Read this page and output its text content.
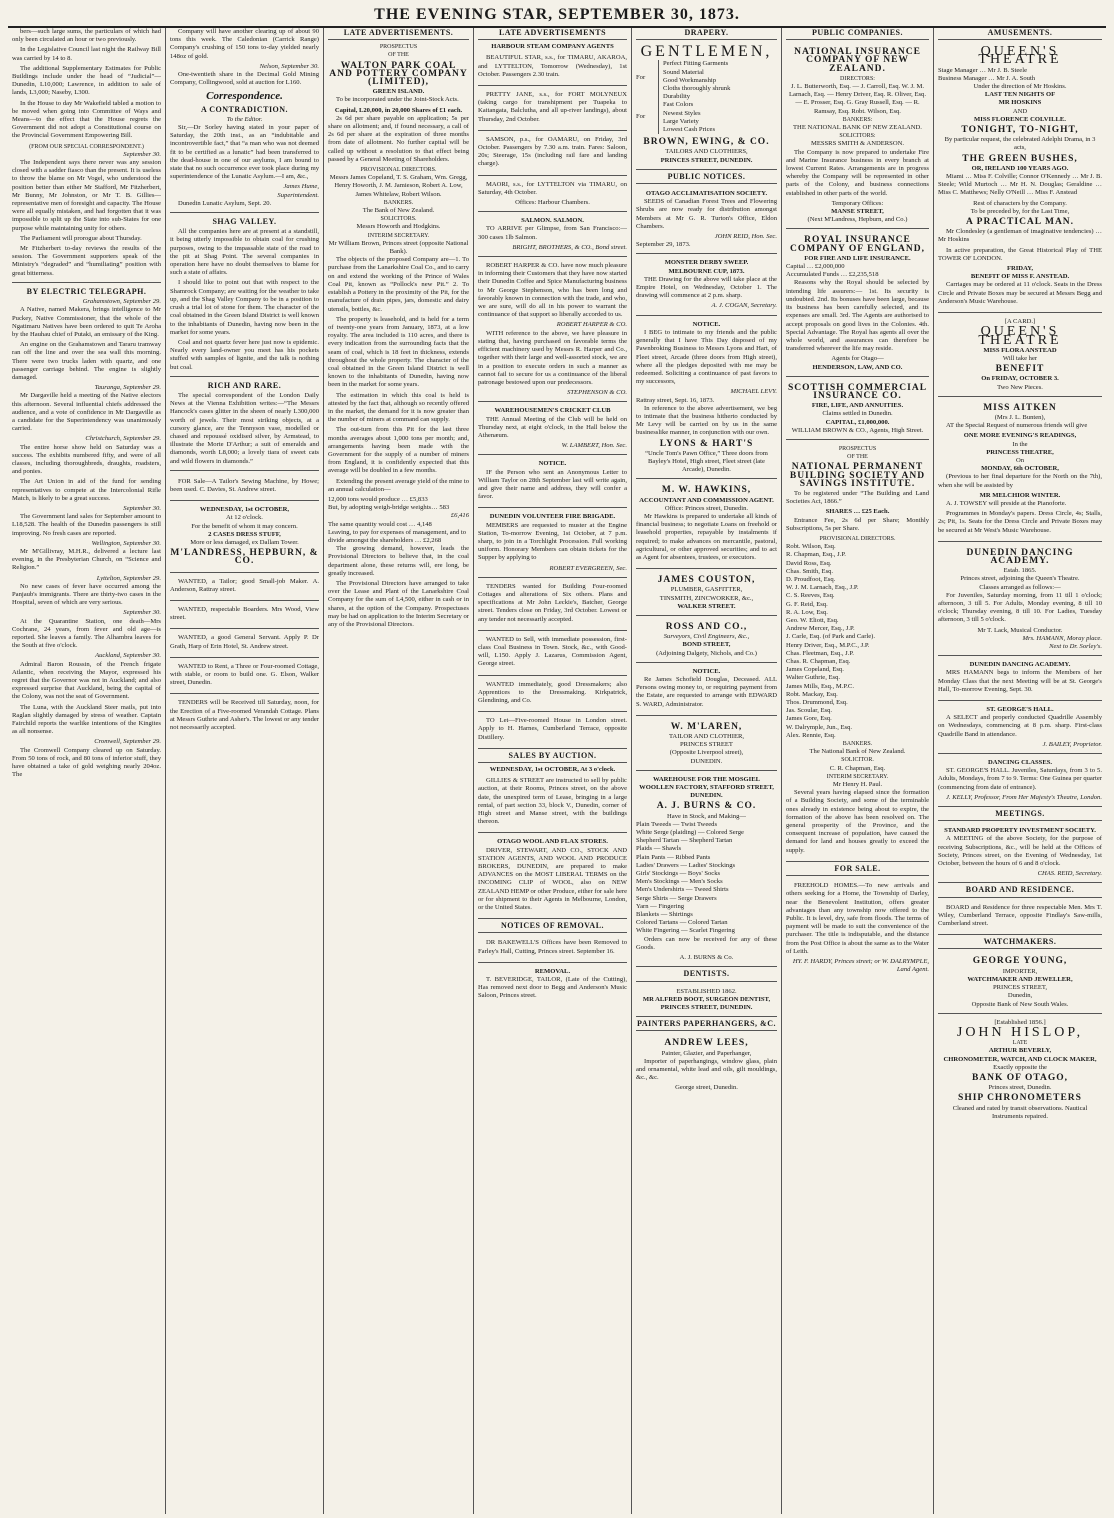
THE EVENING STAR, SEPTEMBER 30, 1873.

bers—such large sums, the particulars of which had only been circulated an hour or two previously.

In the Legislative Council last night the Railway Bill was carried by 14 to 8.

The additional Supplementary Estimates for Public Buildings include under the head of “Judicial”—Dunedin, L10,000; Lawrence, in addition to sale of lands, L3,000; Naseby, L300.

In the House to day Mr Wakefield tabled a motion to be moved when going into Committee of Ways and Means—to the effect that the House regrets the Government did not adopt a Constitutional course on the Provincial Government Empowering Bill.

(FROM OUR SPECIAL CORRESPONDENT.)
September 30.

The Independent says there never was any session closed with a sadder fiasco than the present. It is useless to throw the blame on Mr Vogel, who understood the position better than either Mr Stafford, Mr Fitzherbert, Mr Bunny, Mr Johnston, or Mr T. B. Gillies—representative men of foresight and capacity. The House were all equally mistaken, and had forgotten that it was impossible to split up the State into sub-States for one purpose while maintaining unity for others.

The Parliament will prorogue about Thursday.

Mr Fitzherbert to-day reviews the results of the session. The Government supporters speak of the Ministry's “degraded” and “humiliating” position with great bitterness.

BY ELECTRIC TELEGRAPH.
Grahamstown, September 29.

A Native, named Makera, brings intelligence to Mr Puckey, Native Commissioner, that the whole of the Ngatimaru Natives have been ordered to quit Te Aroha by the Hauhau chief of Putaki, an emissary of the King.

An engine on the Grahamstown and Tararu tramway ran off the line and over the sea wall this morning. There were two trucks laden with quartz, and one passenger carriage behind. The engine is slightly damaged.

Tauranga, September 29.

Mr Dargaville held a meeting of the Native electors this afternoon. Several influential chiefs addressed the audience, and a vote of confidence in Mr Dargaville as a candidate for the Superintendency was unanimously carried.

Christchurch, September 29.

The entire horse show held on Saturday was a success. The exhibits numbered fifty, and were of all classes, including thoroughbreds, draughts, roadsters, and ponies.

The Art Union in aid of the fund for sending representatives to compete at the Intercolonial Rifle Match, is likely to be a great success.

September 30.

The Government land sales for September amount to L18,528. The health of the Dunedin passengers is still improving. No fresh cases are reported.

Wellington, September 30.

Mr M'Gillivray, M.H.R., delivered a lecture last evening, in the Presbyterian Church, on “Science and Religion.”

Lyttelton, September 29.

No new cases of fever have occurred among the Panjaub's immigrants. There are thirty-two cases in the Hospital, seven of which are very serious.

September 30.

At the Quarantine Station, one death—Mrs Cochrane, 24 years, from fever and old age—is reported. She leaves a family. The Alhambra leaves for the South at five o'clock.

Auckland, September 30.

Admiral Baron Roussin, of the French frigate Atlantic, when receiving the Mayor, expressed his regret that the Governor was not in Auckland; and also expressed surprise that Auckland, being the capital of the Colony, was not the seat of Government.

The Luna, with the Auckland Steer mails, put into Raglan slightly damaged by stress of weather. Captain Fairchild reports the warlike intentions of the Kingites as all nonsense.

Cromwell, September 29.

The Cromwell Company cleared up on Saturday. From 50 tons of rock, and 80 tons of inferior stuff, they have obtained a take of gold weighing nearly 204oz. The

Company will have another clearing up of about 90 tons this week. The Caledonian (Carrick Range) Company's crushing of 150 tons to-day yielded nearly 148oz of gold.

Nelson, September 30.

One-twentieth share in the Decimal Gold Mining Company, Collingwood, sold at auction for L160.

Correspondence.
A CONTRADICTION.
To the Editor.

Sir,—Dr Sorley having stated in your paper of Saturday, the 20th inst., as an “indubitable and incontrovertible fact,” that “a man who was not deemed fit to be certified as a lunatic” had been transferred to the dead-house in one of our asylums, I am bound to state that no such occurrence ever took place during my superintendence of the Lunatic Asylum.—I am, &c.,

James Hume,
Superintendent.

Dunedin Lunatic Asylum, Sept. 20.

SHAG VALLEY.

All the companies here are at present at a standstill, it being utterly impossible to obtain coal for crushing purposes, owing to the impassable state of the road to the pit at Shag Point. The several companies in operation here have no doubt themselves to blame for such a state of affairs.

I should like to point out that with respect to the Shamrock Company; are waiting for the weather to take up, and the Shag Valley Company to be in a position to crush a trial lot of stone for them. The character of the coal obtained in the Green Island District is well known to the inhabitants of Dunedin, having now been in the market for some years.

Coal and not quartz fever here just now is epidemic. Nearly every land-owner you meet has his pockets stuffed with samples of lignite, and the talk is nothing but coal.

RICH AND RARE.

The special correspondent of the London Daily News at the Vienna Exhibition writes:—“The Messrs Hancock's cases glitter in the sheen of nearly L300,000 worth of jewels. Their most striking objects, at a cursory glance, are the Tennyson vase, modelled or chased and repoussé oxidised silver, by Armstead, to illustrate the Morte D'Arthur; a suit of emeralds and diamonds, worth L8,000; a lovely tiara of sweet cats and wild flowers in diamonds.”

FOR Sale—A Tailor's Sewing Machine, by Howe; been used. C. Davies, St. Andrew street.

WEDNESDAY, 1st OCTOBER,
At 12 o'clock.
For the benefit of whom it may concern.
2 CASES DRESS STUFF,
More or less damaged, ex Dallam Tower.
M'LANDRESS, HEPBURN, & CO.

WANTED, a Tailor; good Small-job Maker. A. Anderson, Rattray street.

WANTED, respectable Boarders. Mrs Wood, View street.

WANTED, a good General Servant. Apply P. Dr Grath, Harp of Erin Hotel, St. Andrew street.

WANTED to Rent, a Three or Four-roomed Cottage, with stable, or room to build one. G. Elson, Walker street, Dunedin.

TENDERS will be Received till Saturday, noon, for the Erection of a Five-roomed Verandah Cottage. Plans at Messrs Guthrie and Asher's. The lowest or any tender not necessarily accepted.

LATE ADVERTISEMENTS.
PROSPECTUS
OF THE
WALTON PARK COAL AND POTTERY COMPANY (LIMITED),
GREEN ISLAND.

To be incorporated under the Joint-Stock Acts.

Capital, L20,000, in 20,000 Shares of £1 each.

2s 6d per share payable on application; 5s per share on allotment; and, if found necessary, a call of 2s 6d per share at the expiration of three months from date of allotment. No further capital will be called up without a resolution to that effect being passed by a General Meeting of Shareholders.

PROVISIONAL DIRECTORS.
Messrs James Copeland, T. S. Graham, Wm. Gregg, Henry Howorth, J. M. Jamieson, Robert A. Low, James Whitelaw, Robert Wilson.
BANKERS.
The Bank of New Zealand.
SOLICITORS.
Messrs Howorth and Hodgkins.
INTERIM SECRETARY.
Mr William Brown, Princes street (opposite National Bank).

The objects of the proposed Company are—1. To purchase from the Lanarkshire Coal Co., and to carry on and extend the working of the Prince of Wales Coal Pit, known as “Pollock's new Pit.” 2. To establish a Pottery in the proximity of the Pit, for the manufacture of drain pipes, jars, domestic and dairy utensils, bottles, &c.

The property is leasehold, and is held for a term of twenty-one years from January, 1873, at a low royalty. The area included is 110 acres, and there is every indication from the surrounding facts that the seam of coal, which is 18 feet in thickness, extends throughout the whole property. The character of the coal obtained in the Green Island District is well known to the inhabitants of Dunedin, having now been in the market for some years.

The estimation in which this coal is held is attested by the fact that, although so recently offered in the market, the demand for it is now greater than the number of miners at command can supply.

The out-turn from this Pit for the last three months averages about 1,000 tons per month; and, arrangements having been made with the Government for the supply of a number of miners from England, it is confidently expected that this average will be doubled in a few months.

Extending the present average yield of the mine to an annual calculation—

12,000 tons would produce … £5,833
But, by adopting weigh-bridge weights… 583
£6,416
The same quantity would cost … 4,148
Leaving, to pay for expenses of management, and to divide amongst the shareholders … £2,268

The growing demand, however, leads the Provisional Directors to believe that, in the coal department alone, these returns will, ere long, be greatly increased.

The Provisional Directors have arranged to take over the Lease and Plant of the Lanarkshire Coal Company for the sum of L4,500, either in cash or in shares, at the option of the Company. Prospectuses may be had on application to the Interim Secretary or any of the Provisional Directors.

LATE ADVERTISEMENTS
HARBOUR STEAM COMPANY AGENTS

BEAUTIFUL STAR, s.s., for TIMARU, AKAROA, and LYTTELTON, Tomorrow (Wednesday), 1st October. Passengers 2.30 train.

PRETTY JANE, s.s., for FORT MOLYNEUX (taking cargo for transhipment per Tuapeka to Kaitangata, Balclutha, and all up-river landings), about Thursday, 2nd October.

SAMSON, p.s., for OAMARU, on Friday, 3rd October. Passengers by 7.30 a.m. train. Fares: Saloon, 20s; Steerage, 15s (including rail fare and landing charge).

MAORI, s.s., for LYTTELTON via TIMARU, on Saturday, 4th October.

Offices: Harbour Chambers.
SALMON. SALMON.

TO ARRIVE per Glimpse, from San Francisco:—300 cases 1lb Salmon.

BRIGHT, BROTHERS, & CO., Bond street.

ROBERT HARPER & CO. have now much pleasure in informing their Customers that they have now started their Dunedin Coffee and Spice Manufacturing business to Mr George Stephenson, who has been long and favorably known in connection with the trade, and who, we are sure, will do all in his power to warrant the continuance of that support so liberally accorded to us.

ROBERT HARPER & CO.

WITH reference to the above, we have pleasure in stating that, having purchased on favorable terms the efficient machinery used by Messrs R. Harper and Co., together with their large and well-assorted stock, we are in a position to execute orders in such a manner as cannot fail to secure for us a continuance of the liberal patronage bestowed upon our predecessors.

STEPHENSON & CO.
WAREHOUSEMEN'S CRICKET CLUB

THE Annual Meeting of the Club will be held on Thursday next, at eight o'clock, in the Hall below the Athenæum.

W. LAMBERT, Hon. Sec.
NOTICE.

IF the Person who sent an Anonymous Letter to William Taylor on 28th September last will write again, and give their name and address, they will confer a favor.

DUNEDIN VOLUNTEER FIRE BRIGADE.

MEMBERS are requested to muster at the Engine Station, To-morrow Evening, 1st October, at 7 p.m. sharp, to join in a Torchlight Procession. Full working uniform. Honorary Members can obtain tickets for the Supper by applying to

ROBERT EVERGREEN, Sec.

TENDERS wanted for Building Four-roomed Cottages and alterations of Six others. Plans and specifications at Mr John Leckie's, Batcher, George street. Tenders close on Friday, 3rd October. Lowest or any tender not necessarily accepted.

WANTED to Sell, with immediate possession, first-class Coal Business in Town. Stock, &c., with Good-will, L150. Apply J. Lazarus, Commission Agent, George street.

WANTED immediately, good Dressmakers; also Apprentices to the Dressmaking. Kirkpatrick, Glendining, and Co.

TO Let—Five-roomed House in London street. Apply to H. Harnes, Cumberland Terrace, opposite Distillery.

SALES BY AUCTION.
WEDNESDAY, 1st OCTOBER, At 3 o'clock.

GILLIES & STREET are instructed to sell by public auction, at their Rooms, Princes street, on the above date, the unexpired term of Lease, bringing in a large rental, of part section 33, block V., Dunedin, corner of High street and Manse street, with the buildings thereon.

OTAGO WOOL AND FLAX STORES.

DRIVER, STEWART, AND CO., STOCK AND STATION AGENTS, AND WOOL AND PRODUCE BROKERS, DUNEDIN, are prepared to make ADVANCES on the MOST LIBERAL TERMS on the INCOMING CLIP of WOOL, also on NEW ZEALAND HEMP or other Produce, either for sale here or for shipment to their Agents in Melbourne, London, or the United States.

NOTICES OF REMOVAL.

DR BAKEWELL'S Offices have been Removed to Farley's Hall, Cutting, Princes street. September 16.

REMOVAL.

T. BEVERIDGE, TAILOR, (Late of the Cutting), Has removed next door to Begg and Anderson's Music Saloon, Princes street.

DRAPERY.
GENTLEMEN,
For
For
Perfect Fitting Garments
Sound Material
Good Workmanship
Cloths thoroughly shrunk
Durability
Fast Colors
Newest Styles
Large Variety
Lowest Cash Prices
BROWN, EWING, & CO.
TAILORS AND CLOTHIERS,
PRINCES STREET, DUNEDIN.
PUBLIC NOTICES.
OTAGO ACCLIMATISATION SOCIETY.

SEEDS of Canadian Forest Trees and Flowering Shrubs are now ready for distribution amongst Members at Mr G. R. Turton's Office, Eldon Chambers.

JOHN REID, Hon. Sec.
September 29, 1873.
MONSTER DERBY SWEEP.
MELBOURNE CUP, 1873.

THE Drawing for the above will take place at the Empire Hotel, on Wednesday, October 1. The drawing will commence at 2 p.m. sharp.

A. J. COGAN, Secretary.
NOTICE.

I BEG to intimate to my friends and the public generally that I have This Day disposed of my Pawnbroking Business to Messrs Lyons and Hart, of Fleet street, Arcade (three doors from High street), where all the pledges deposited with me may be redeemed. Soliciting a continuance of past favors to my successors,

MICHAEL LEVY.
Rattray street, Sept. 16, 1873.

In reference to the above advertisement, we beg to intimate that the business hitherto conducted by Mr Levy will be carried on by us in the same businesslike manner, in conjunction with our own.

LYONS & HART'S
“Uncle Tom's Pawn Office,” Three doors from Bayley's Hotel, High street, Fleet street (late Arcade), Dunedin.
M. W. HAWKINS,
ACCOUNTANT AND COMMISSION AGENT.
Office: Princes street, Dunedin.

Mr Hawkins is prepared to undertake all kinds of financial business; to negotiate Loans on freehold or leasehold properties, repayable by instalments if required; to make advances on mercantile, pastoral, agricultural, or other approved securities; and to act as Agent for absentees, trustees, or executors.

JAMES COUSTON,
PLUMBER, GASFITTER,
TINSMITH, ZINCWORKER, &c.,
WALKER STREET.
ROSS AND CO.,
Surveyors, Civil Engineers, &c.,
BOND STREET,
(Adjoining Dalgety, Nichols, and Co.)
NOTICE.

Re James Schofield Douglas, Deceased. ALL Persons owing money to, or requiring payment from the Estate, are requested to arrange with EDWARD S. WARD, Administrator.

W. M'LAREN,
TAILOR AND CLOTHIER,
PRINCES STREET
(Opposite Liverpool street),
DUNEDIN.
WAREHOUSE FOR THE MOSGIEL WOOLLEN FACTORY, STAFFORD STREET, DUNEDIN.
A. J. BURNS & CO.
Have in Stock, and Making—
Plain Tweeds — Twist Tweeds
White Serge (plaiding) — Colored Serge
Shepherd Tartan — Shepherd Tartan
Plaids — Shawls
Plain Pants — Ribbed Pants
Ladies' Drawers — Ladies' Stockings
Girls' Stockings — Boys' Socks
Men's Stockings — Men's Socks
Men's Undershirts — Tweed Shirts
Serge Shirts — Serge Drawers
Yarn — Fingering
Blankets — Shirtings
Colored Tartans — Colored Tartan
White Fingering — Scarlet Fingering

Orders can now be received for any of these Goods.

A. J. BURNS & Co.
DENTISTS.
ESTABLISHED 1862.
MR ALFRED BOOT, SURGEON DENTIST, PRINCES STREET, DUNEDIN.
PAINTERS PAPERHANGERS, &C.
ANDREW LEES,
Painter, Glazier, and Paperhanger,

Importer of paperhangings, window glass, plain and ornamental, white lead and oils, gilt mouldings, &c., &c.

George street, Dunedin.
PUBLIC COMPANIES.
NATIONAL INSURANCE COMPANY OF NEW ZEALAND.
DIRECTORS:
J. L. Butterworth, Esq. — J. Carroll, Esq. W. J. M. Larnach, Esq. — Henry Driver, Esq. R. Oliver, Esq. — E. Prosser, Esq. G. Gray Russell, Esq. — R. Ramsay, Esq. Robt. Wilson, Esq.
BANKERS:
THE NATIONAL BANK OF NEW ZEALAND.
SOLICITORS:
MESSRS SMITH & ANDERSON.

The Company is now prepared to undertake Fire and Marine Insurance business in every branch at lowest Current Rates. Arrangements are in progress whereby the Company will be represented in other parts of the Colony, and business connections established in other parts of the world.

Temporary Offices:
MANSE STREET,
(Next M'Landress, Hepburn, and Co.)
ROYAL INSURANCE COMPANY OF ENGLAND,
FOR FIRE AND LIFE INSURANCE.
Capital … £2,000,000
Accumulated Funds … £2,235,518

Reasons why the Royal should be selected by intending life assurers:— 1st. Its security is undoubted. 2nd. Its bonuses have been large, because its business has been carefully selected, and its expenses are small. 3rd. The Agents are authorised to accept proposals on good lives in the Colonies. 4th. Special Advantage. The Royal has agents all over the whole world, and assurances can therefore be transferred wherever the life may reside.

Agents for Otago—
HENDERSON, LAW, AND CO.
SCOTTISH COMMERCIAL INSURANCE CO.
FIRE, LIFE, AND ANNUITIES.
Claims settled in Dunedin.
CAPITAL, £1,000,000.
WILLIAM BROWN & CO., Agents, High Street.
PROSPECTUS
OF THE
NATIONAL PERMANENT BUILDING SOCIETY AND SAVINGS INSTITUTE.

To be registered under “The Building and Land Societies Act, 1866.”

SHARES … £25 Each.

Entrance Fee, 2s 6d per Share; Monthly Subscriptions, 5s per Share.

PROVISIONAL DIRECTORS.
Robt. Wilson, Esq.
R. Chapman, Esq., J.P.
David Ross, Esq.
Chas. Smith, Esq.
D. Proudfoot, Esq.
W. J. M. Larnach, Esq., J.P.
C. S. Reeves, Esq.
G. F. Reid, Esq.
R. A. Low, Esq.
Geo. W. Eliott, Esq.
Andrew Mercer, Esq., J.P.
J. Carle, Esq. (of Park and Carle).
Henry Driver, Esq., M.P.C., J.P.
Chas. Fleetman, Esq., J.P.
Chas. R. Chapman, Esq.
James Copeland, Esq.
Walter Guthrie, Esq.
James Mills, Esq., M.P.C.
Robt. Mackay, Esq.
Thos. Drummond, Esq.
Jas. Scoular, Esq.
James Gore, Esq.
W. Dalrymple, Jun., Esq.
Alex. Rennie, Esq.
BANKERS.
The National Bank of New Zealand.
SOLICITOR.
C. R. Chapman, Esq.
INTERIM SECRETARY.
Mr Henry H. Paul.

Several years having elapsed since the formation of a Building Society, and some of the terminable ones already in existence being about to expire, the formation of the above has been resolved on. The general prosperity of the Province, and the consequent increase of population, have caused the demand for land and houses greatly to exceed the supply.

FOR SALE.

FREEHOLD HOMES.—To new arrivals and others seeking for a Home, the Township of Darley, near the Benevolent Institution, offers greater advantages than any township now offered to the Public. It is level, dry, safe from floods. The terms of payment will be made to suit the convenience of the purchaser. The title is indisputable, and the distance from the Post Office is about the same as to the Water of Leith.

HY. F. HARDY, Princes street; or W. DALRYMPLE, Land Agent.
AMUSEMENTS.
QUEEN'S THEATRE
Stage Manager … Mr J. B. Steele
Business Manager … Mr J. A. South
Under the direction of Mr Hoskins.
LAST TEN NIGHTS OF
MR HOSKINS
AND
MISS FLORENCE COLVILLE.
TONIGHT, TO-NIGHT,
By particular request, the celebrated Adelphi Drama, in 3 acts,
THE GREEN BUSHES,
OR, IRELAND 100 YEARS AGO.

Miami … Miss F. Colville; Connor O'Kennedy … Mr J. B. Steele; Wild Murtoch … Mr H. N. Douglas; Geraldine … Miss C. Matthews; Nelly O'Neill … Miss F. Anstead

Rest of characters by the Company.
To be preceded by, for the Last Time,
A PRACTICAL MAN.

Mr Clondesley (a gentleman of imaginative tendencies) … Mr Hoskins

In active preparation, the Great Historical Play of THE TOWER OF LONDON.

FRIDAY,
BENEFIT OF MISS F. ANSTEAD.

Carriages may be ordered at 11 o'clock. Seats in the Dress Circle and Private Boxes may be secured at Messrs Begg and Anderson's Music Warehouse.

[A CARD.]
QUEEN'S THEATRE
MISS FLORA ANSTEAD
Will take her
BENEFIT
On FRIDAY, OCTOBER 3.
Two New Pieces.
MISS AITKEN
(Mrs J. L. Bunten),

AT the Special Request of numerous friends will give

ONE MORE EVENING'S READINGS,
In the
PRINCESS THEATRE,
On
MONDAY, 6th OCTOBER,

(Previous to her final departure for the North on the 7th), when she will be assisted by

MR MELCHIOR WINTER.

A. J. TOWSEY will preside at the Pianoforte.

Programmes in Monday's papers. Dress Circle, 4s; Stalls, 2s; Pit, 1s. Seats for the Dress Circle and Private Boxes may be secured at Mr West's Music Warehouse.

DUNEDIN DANCING ACADEMY.
Estab. 1865.
Princes street, adjoining the Queen's Theatre.
Classes arranged as follows:—

For Juveniles, Saturday morning, from 11 till 1 o'clock; afternoon, 3 till 5. For Adults, Monday evening, 8 till 10 o'clock; Thursday evening, 8 till 10. For Ladies, Tuesday afternoon, 3 till 5 o'clock.

Mr T. Lack, Musical Conductor.
Mrs. HAMANN, Moray place.
Next to Dr. Sorley's.
DUNEDIN DANCING ACADEMY.

MRS HAMANN begs to inform the Members of her Monday Class that the next Meeting will be at St. George's Hall, To-morrow Evening, Sept. 30.

ST. GEORGE'S HALL.

A SELECT and properly conducted Quadrille Assembly on Wednesdays, commencing at 8 p.m. sharp. First-class Quadrille Band in attendance.

J. BAILEY, Proprietor.
DANCING CLASSES.

ST. GEORGE'S HALL. Juveniles, Saturdays, from 3 to 5. Adults, Mondays, from 7 to 9. Terms: One Guinea per quarter (commencing from date of entrance).

J. KELLY, Professor, From Her Majesty's Theatre, London.
MEETINGS.
STANDARD PROPERTY INVESTMENT SOCIETY.

A MEETING of the above Society, for the purpose of receiving Subscriptions, &c., will be held at the Offices of Society, Princes street, on the Evening of Wednesday, 1st October, between the hours of 6 and 8 o'clock.

CHAS. REID, Secretary.
BOARD AND RESIDENCE.

BOARD and Residence for three respectable Men. Mrs T. Wiley, Cumberland Terrace, opposite Findlay's Saw-mills, Cumberland street.

WATCHMAKERS.
GEORGE YOUNG,
IMPORTER,
WATCHMAKER AND JEWELLER,
PRINCES STREET,
Dunedin,
Opposite Bank of New South Wales.
[Established 1856.]
JOHN HISLOP,
LATE
ARTHUR BEVERLY,
CHRONOMETER, WATCH, AND CLOCK MAKER,
Exactly opposite the
BANK OF OTAGO,
Princes street, Dunedin.
SHIP CHRONOMETERS
Cleaned and rated by transit observations. Nautical Instruments repaired.
